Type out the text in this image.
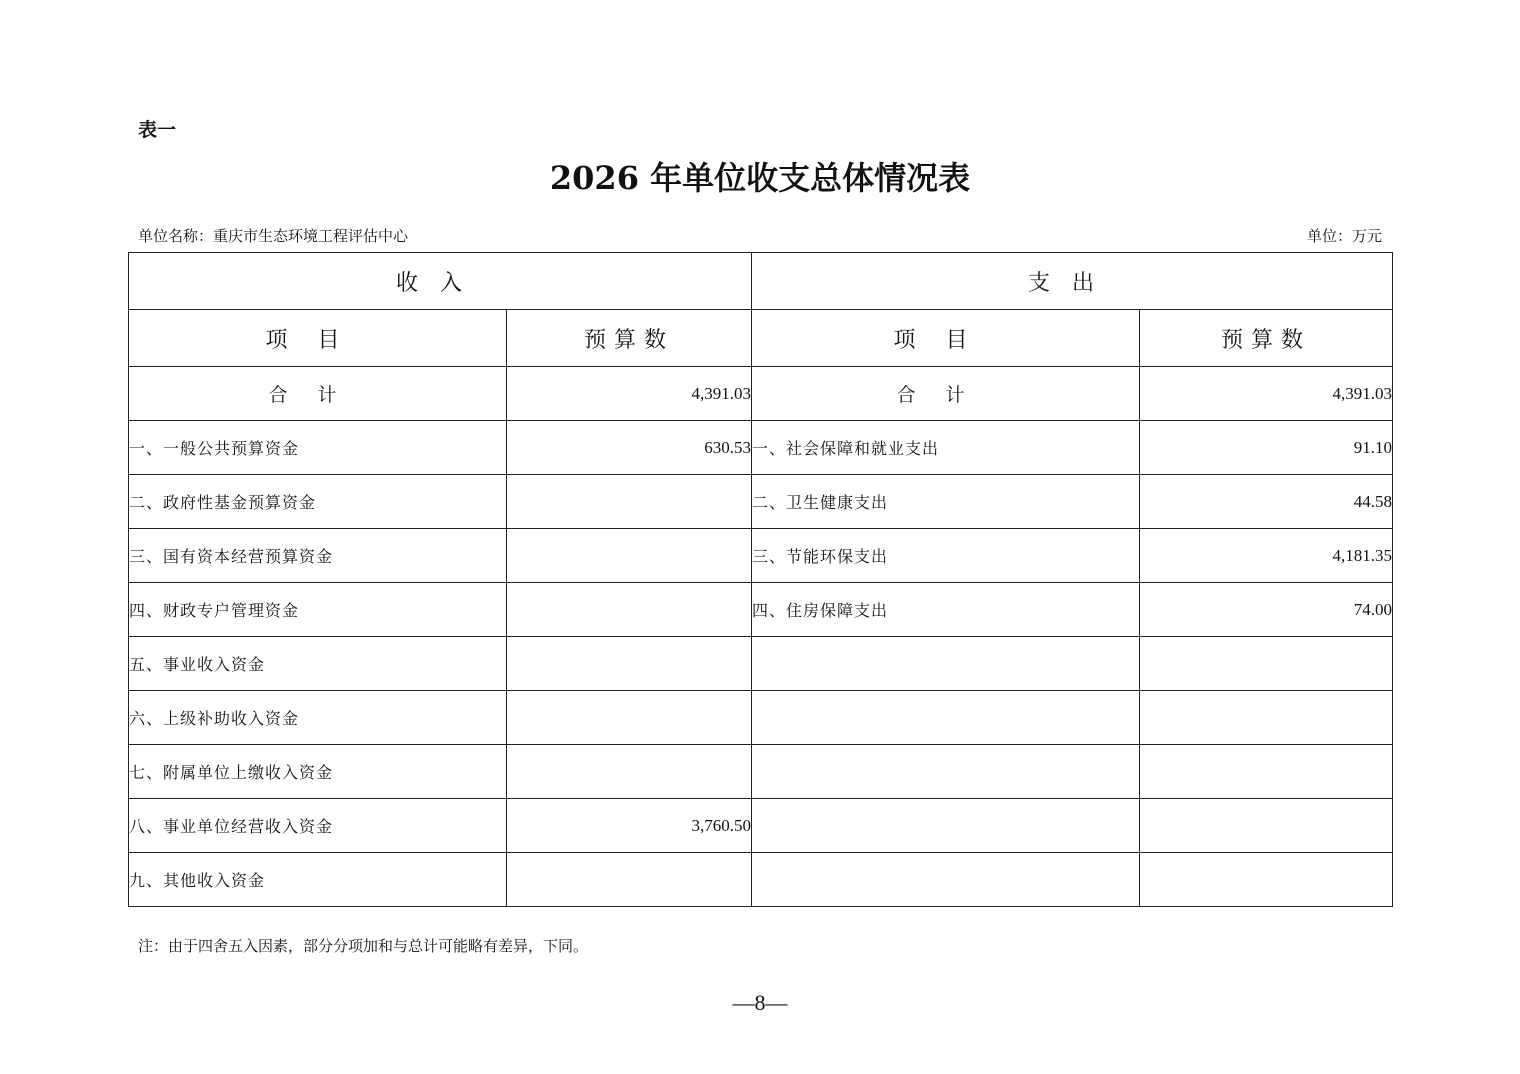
表一
2026 年单位收支总体情况表
单位名称：重庆市生态环境工程评估中心	单位：万元
收入		支出	
项目	预算数	项目	预算数
合计	4,391.03	合计	4,391.03
一、一般公共预算资金	630.53	一、社会保障和就业支出	91.10
二、政府性基金预算资金		二、卫生健康支出	44.58
三、国有资本经营预算资金		三、节能环保支出	4,181.35
四、财政专户管理资金		四、住房保障支出	74.00
五、事业收入资金			
六、上级补助收入资金			
七、附属单位上缴收入资金			
八、事业单位经营收入资金	3,760.50		
九、其他收入资金			
注：由于四舍五入因素，部分分项加和与总计可能略有差异，下同。
—8—
